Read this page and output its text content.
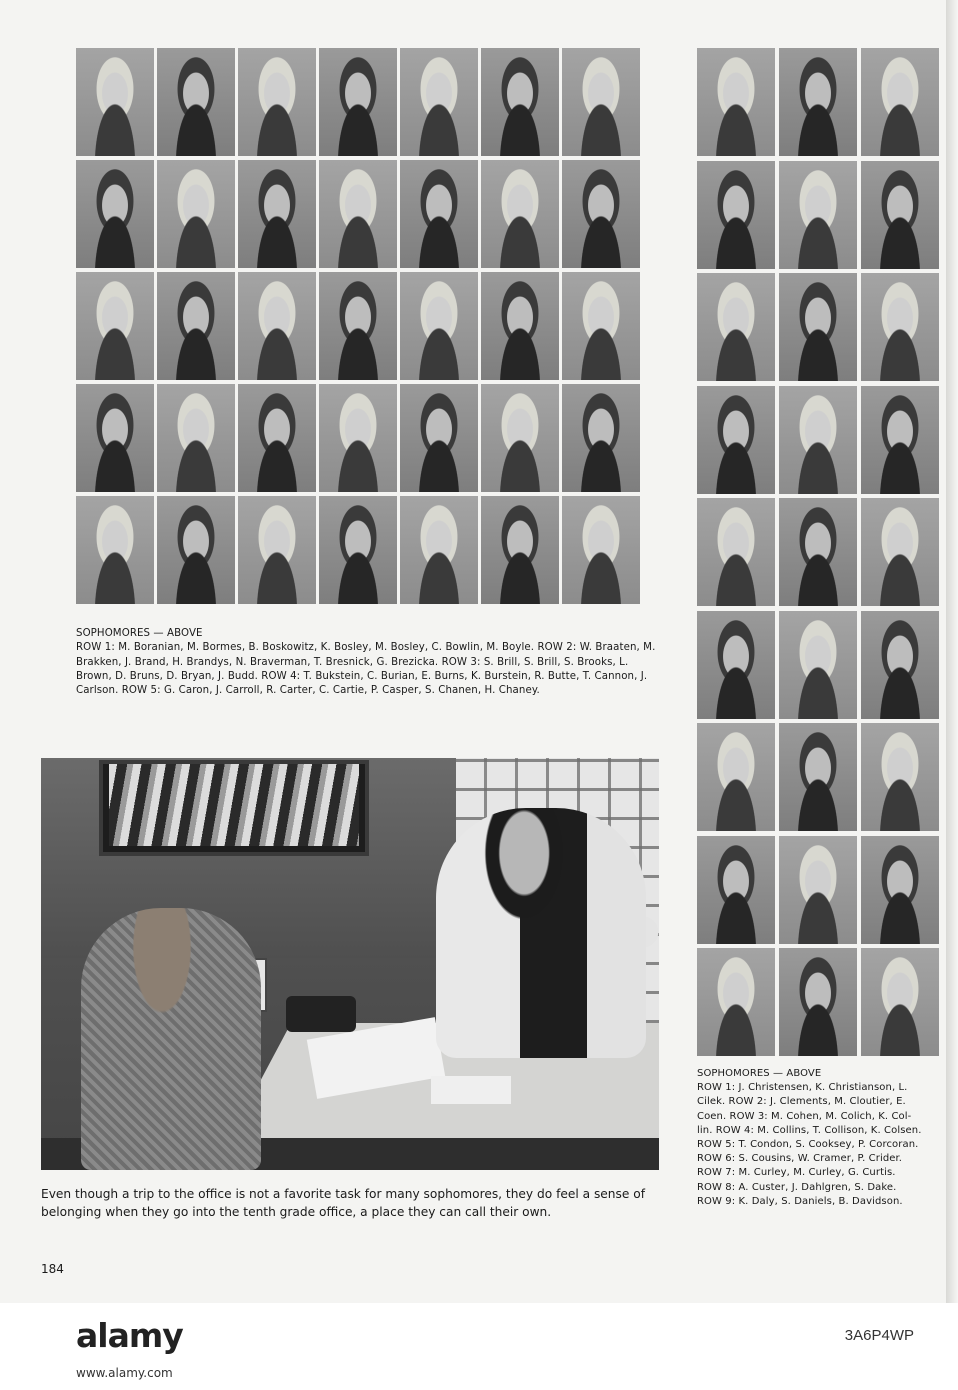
SOPHOMORES — ABOVE
ROW 1: M. Boranian, M. Bormes, B. Boskowitz, K. Bosley, M. Bosley, C. Bowlin, M. Boyle. ROW 2: W. Braaten, M. Brakken, J. Brand, H. Brandys, N. Braverman, T. Bresnick, G. Brezicka. ROW 3: S. Brill, S. Brill, S. Brooks, L. Brown, D. Bruns, D. Bryan, J. Budd. ROW 4: T. Bukstein, C. Burian, E. Burns, K. Burstein, R. Butte, T. Cannon, J. Carlson. ROW 5: G. Caron, J. Carroll, R. Carter, C. Cartie, P. Casper, S. Chanen, H. Chaney.
SOPHOMORES — ABOVE
ROW 1: J. Christensen, K. Christianson, L.
Cilek. ROW 2: J. Clements, M. Cloutier, E.
Coen. ROW 3: M. Cohen, M. Colich, K. Col-
lin. ROW 4: M. Collins, T. Collison, K. Colsen.
ROW 5: T. Condon, S. Cooksey, P. Corcoran.
ROW 6: S. Cousins, W. Cramer, P. Crider.
ROW 7: M. Curley, M. Curley, G. Curtis.
ROW 8: A. Custer, J. Dahlgren, S. Dake.
ROW 9: K. Daly, S. Daniels, B. Davidson.
Even though a trip to the office is not a favorite task for many sophomores, they do feel a sense of belonging when they go into the tenth grade office, a place they can call their own.
184
alamy
www.alamy.com
3A6P4WP
